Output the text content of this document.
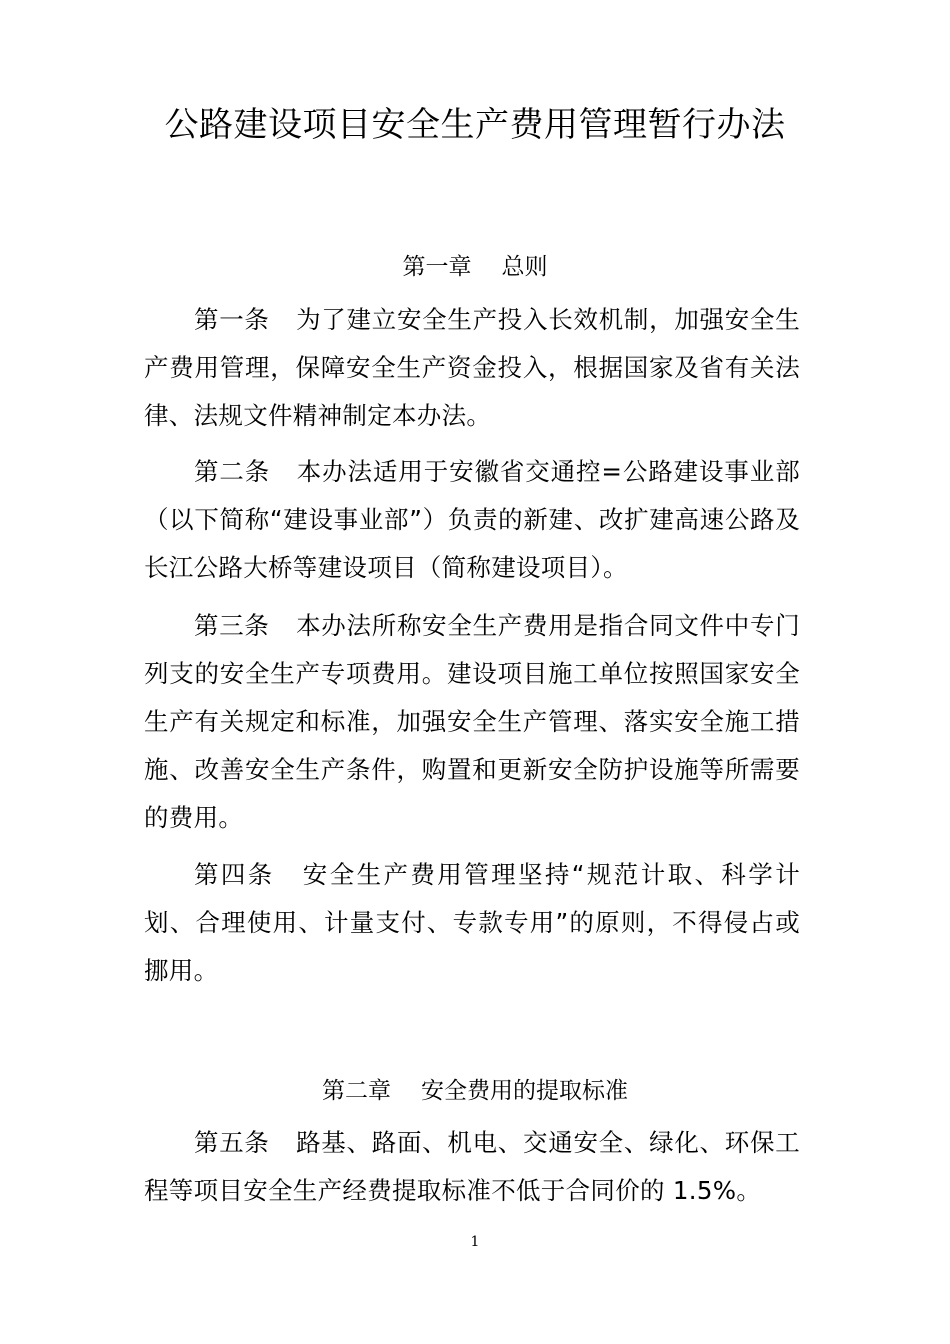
公路建设项目安全生产费用管理暂行办法
第一章 总则

第一条 为了建立安全生产投入长效机制，加强安全生产费用管理，保障安全生产资金投入，根据国家及省有关法律、法规文件精神制定本办法。

第二条 本办法适用于安徽省交通控=公路建设事业部（以下简称“建设事业部”）负责的新建、改扩建高速公路及长江公路大桥等建设项目（简称建设项目）。

第三条 本办法所称安全生产费用是指合同文件中专门列支的安全生产专项费用。建设项目施工单位按照国家安全生产有关规定和标准，加强安全生产管理、落实安全施工措施、改善安全生产条件，购置和更新安全防护设施等所需要的费用。

第四条 安全生产费用管理坚持“规范计取、科学计划、合理使用、计量支付、专款专用”的原则，不得侵占或挪用。

第二章 安全费用的提取标准

第五条 路基、路面、机电、交通安全、绿化、环保工程等项目安全生产经费提取标准不低于合同价的 1.5%。

1
